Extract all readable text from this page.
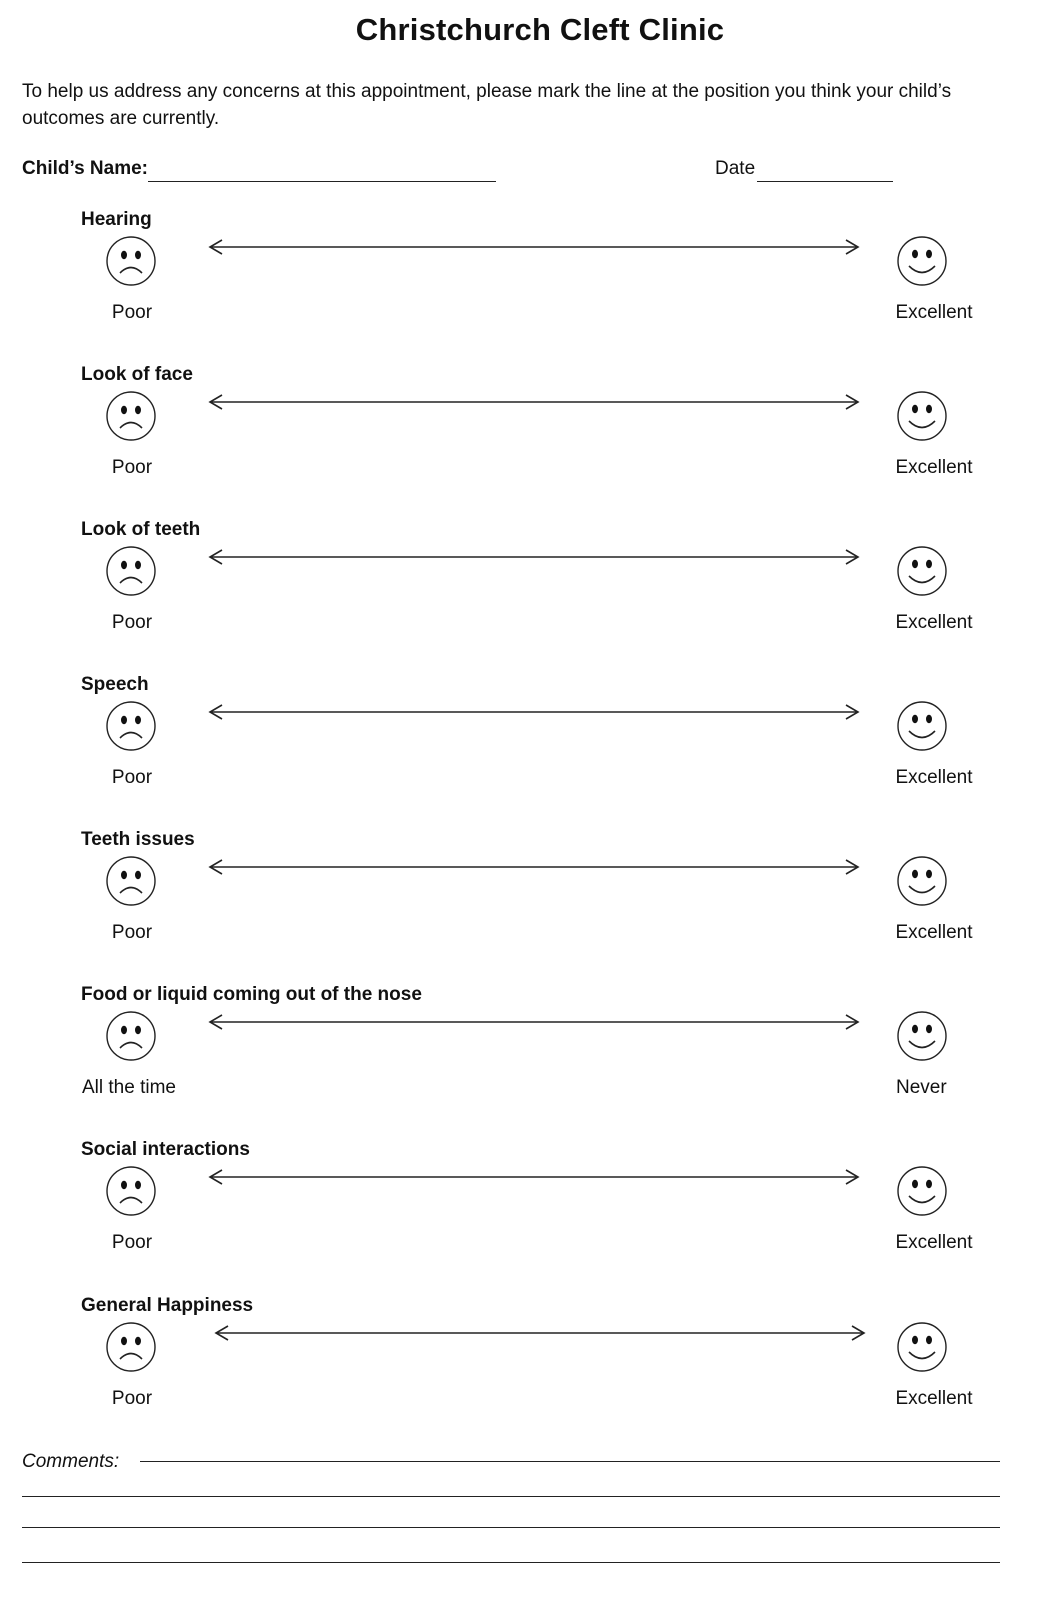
Christchurch Cleft Clinic
To help us address any concerns at this appointment, please mark the line at the position you think your child’s outcomes are currently.
Child’s Name:	Date
Hearing
Poor	Excellent
Look of face
Poor	Excellent
Look of teeth
Poor	Excellent
Speech
Poor	Excellent
Teeth issues
Poor	Excellent
Food or liquid coming out of the nose
All the time	Never
Social interactions
Poor	Excellent
General Happiness
Poor	Excellent
Comments:
